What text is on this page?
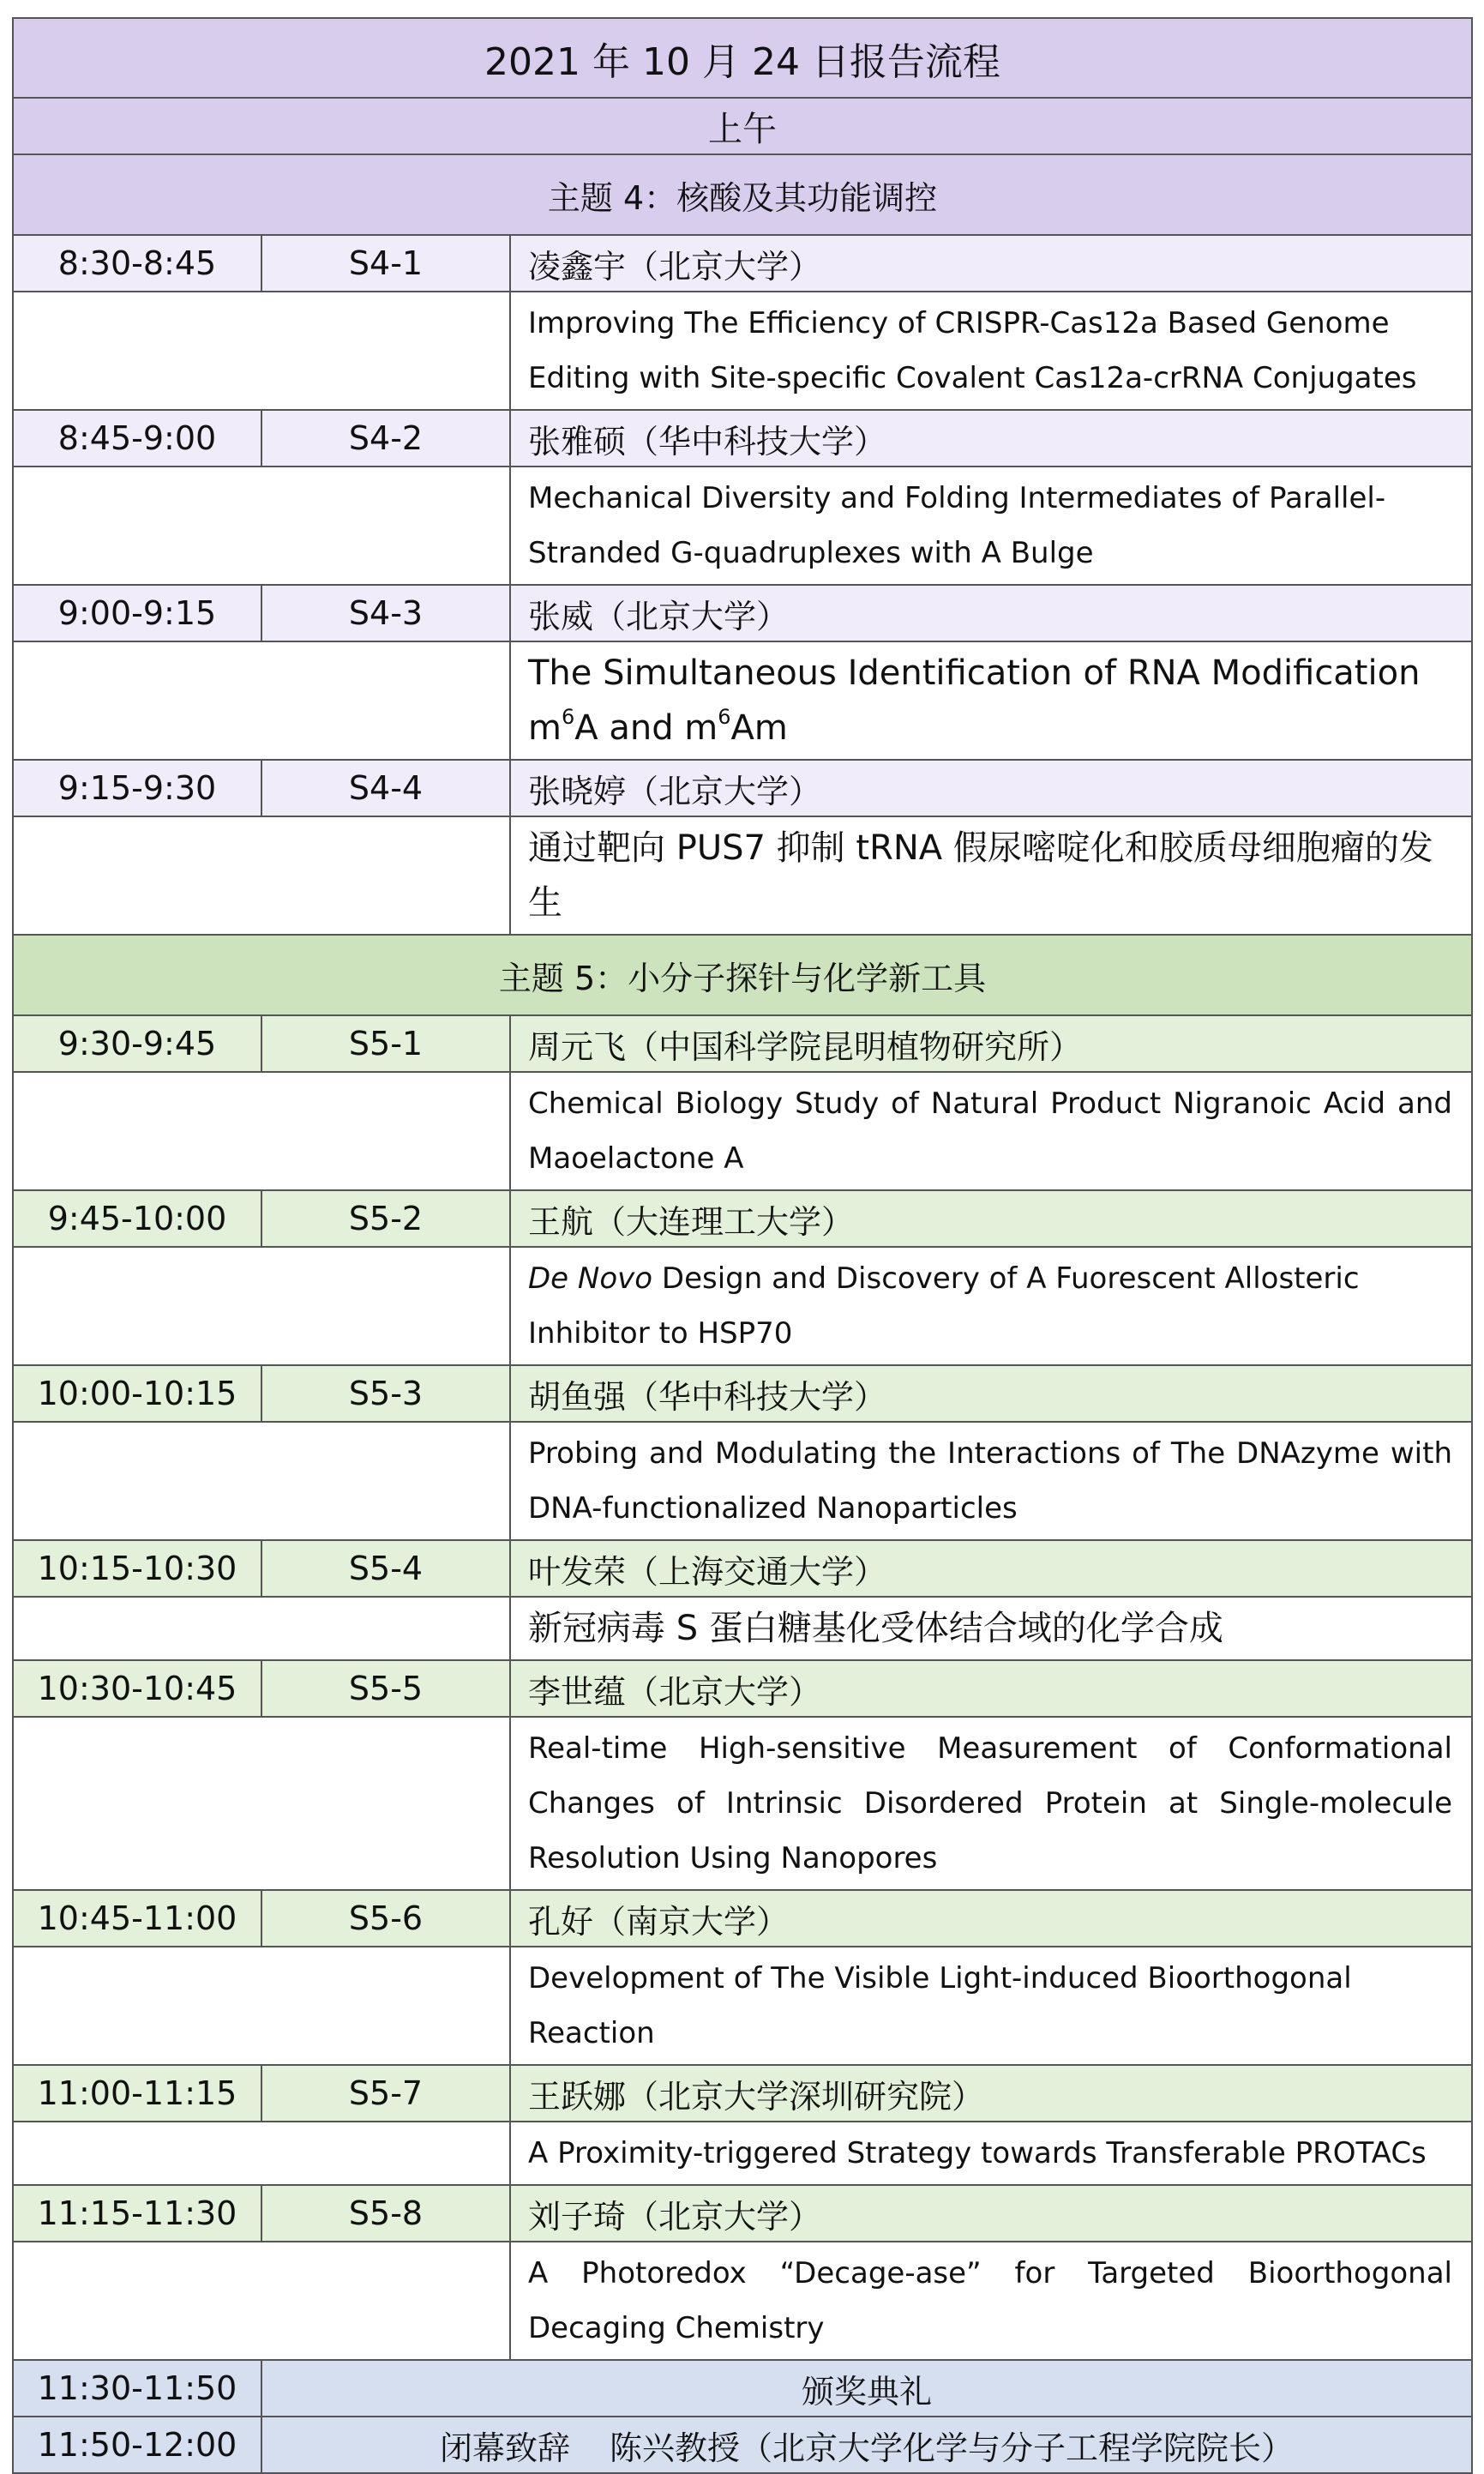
2021 年 10 月 24 日报告流程		
上午		
主题 4：核酸及其功能调控		
8:30-8:45	S4-1	凌鑫宇（北京大学）
		Improving The Efficiency of CRISPR-Cas12a Based Genome Editing with Site-specific Covalent Cas12a-crRNA Conjugates
8:45-9:00	S4-2	张雅硕（华中科技大学）
		Mechanical Diversity and Folding Intermediates of Parallel-Stranded G-quadruplexes with A Bulge
9:00-9:15	S4-3	张威（北京大学）
		The Simultaneous Identification of RNA Modification $m^6A$ and $m^6Am$
9:15-9:30	S4-4	张晓婷（北京大学）
		通过靶向 PUS7 抑制 tRNA 假尿嘧啶化和胶质母细胞瘤的发生
主题 5：小分子探针与化学新工具		
9:30-9:45	S5-1	周元飞（中国科学院昆明植物研究所）
		Chemical Biology Study of Natural Product Nigranoic Acid and Maoelactone A
9:45-10:00	S5-2	王航（大连理工大学）
		De Novo Design and Discovery of A Fuorescent Allosteric Inhibitor to HSP70
10:00-10:15	S5-3	胡鱼强（华中科技大学）
		Probing and Modulating the Interactions of The DNAzyme with DNA-functionalized Nanoparticles
10:15-10:30	S5-4	叶发荣（上海交通大学）
		新冠病毒 S 蛋白糖基化受体结合域的化学合成
10:30-10:45	S5-5	李世蕴（北京大学）
		Real-time High-sensitive Measurement of Conformational Changes of Intrinsic Disordered Protein at Single-molecule Resolution Using Nanopores
10:45-11:00	S5-6	孔好（南京大学）
		Development of The Visible Light-induced Bioorthogonal Reaction
11:00-11:15	S5-7	王跃娜（北京大学深圳研究院）
		A Proximity-triggered Strategy towards Transferable PROTACs
11:15-11:30	S5-8	刘子琦（北京大学）
		A Photoredox “Decage-ase” for Targeted Bioorthogonal Decaging Chemistry
11:30-11:50	颁奖典礼	
11:50-12:00	闭幕致辞 陈兴教授（北京大学化学与分子工程学院院长）	
